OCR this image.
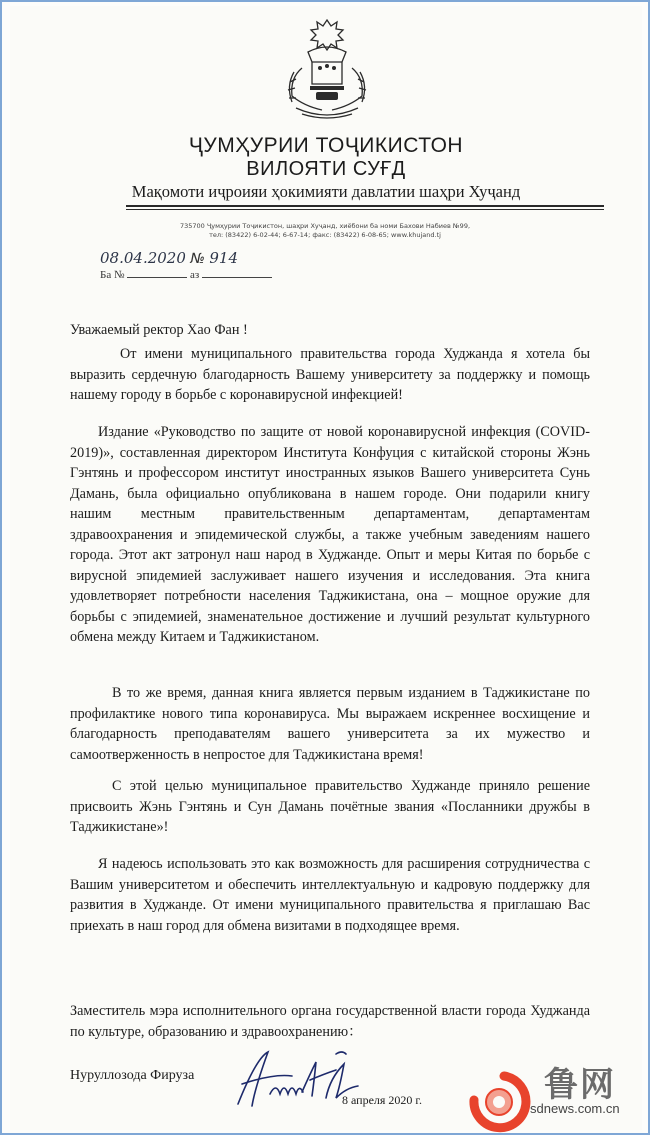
ҶУМҲУРИИ ТОҶИКИСТОН
ВИЛОЯТИ СУҒД
Мақомоти иҷроияи ҳокимияти давлатии шаҳри Хуҷанд
735700 Ҷумҳурии Тоҷикистон, шаҳри Хуҷанд, хиёбони ба номи Бахови Набиев №99,
тел: (83422) 6-02-44; 6-67-14; факс: (83422) 6-08-65; www.khujand.tj
08.04.2020 № 914
Ба №	аз
Уважаемый ректор Хао Фан !

От имени муниципального правительства города Худжанда я хотела бы выразить сердечную благодарность Вашему университету за поддержку и помощь нашему городу в борьбе с коронавирусной инфекцией!

Издание «Руководство по защите от новой коронавирусной инфекция (COVID-2019)», составленная директором Института Конфуция с китайской стороны Жэнь Гэнтянь и профессором институт иностранных языков Вашего университета Сунь Дамань, была официально опубликована в нашем городе. Они подарили книгу нашим местным правительственным департаментам, департаментам здравоохранения и эпидемической службы, а также учебным заведениям нашего города. Этот акт затронул наш народ в Худжанде. Опыт и меры Китая по борьбе с вирусной эпидемией заслуживает нашего изучения и исследования. Эта книга удовлетворяет потребности населения Таджикистана, она – мощное оружие для борьбы с эпидемией, знаменательное достижение и лучший результат культурного обмена между Китаем и Таджикистаном.

В то же время, данная книга является первым изданием в Таджикистане по профилактике нового типа коронавируса. Мы выражаем искреннее восхищение и благодарность преподавателям вашего университета за их мужество и самоотверженность в непростое для Таджикистана время!

С этой целью муниципальное правительство Худжанде приняло решение присвоить Жэнь Гэнтянь и Сун Дамань почётные звания «Посланники дружбы в Таджикистане»!

Я надеюсь использовать это как возможность для расширения сотрудничества с Вашим университетом и обеспечить интеллектуальную и кадровую поддержку для развития в Худжанде. От имени муниципального правительства я приглашаю Вас приехать в наш город для обмена визитами в подходящее время.

Заместитель мэра исполнительного органа государственной власти города Худжанда по культуре, образованию и здравоохранению：
Нуруллозода Фируза
8 апреля 2020 г.	鲁网
sdnews.com.cn
